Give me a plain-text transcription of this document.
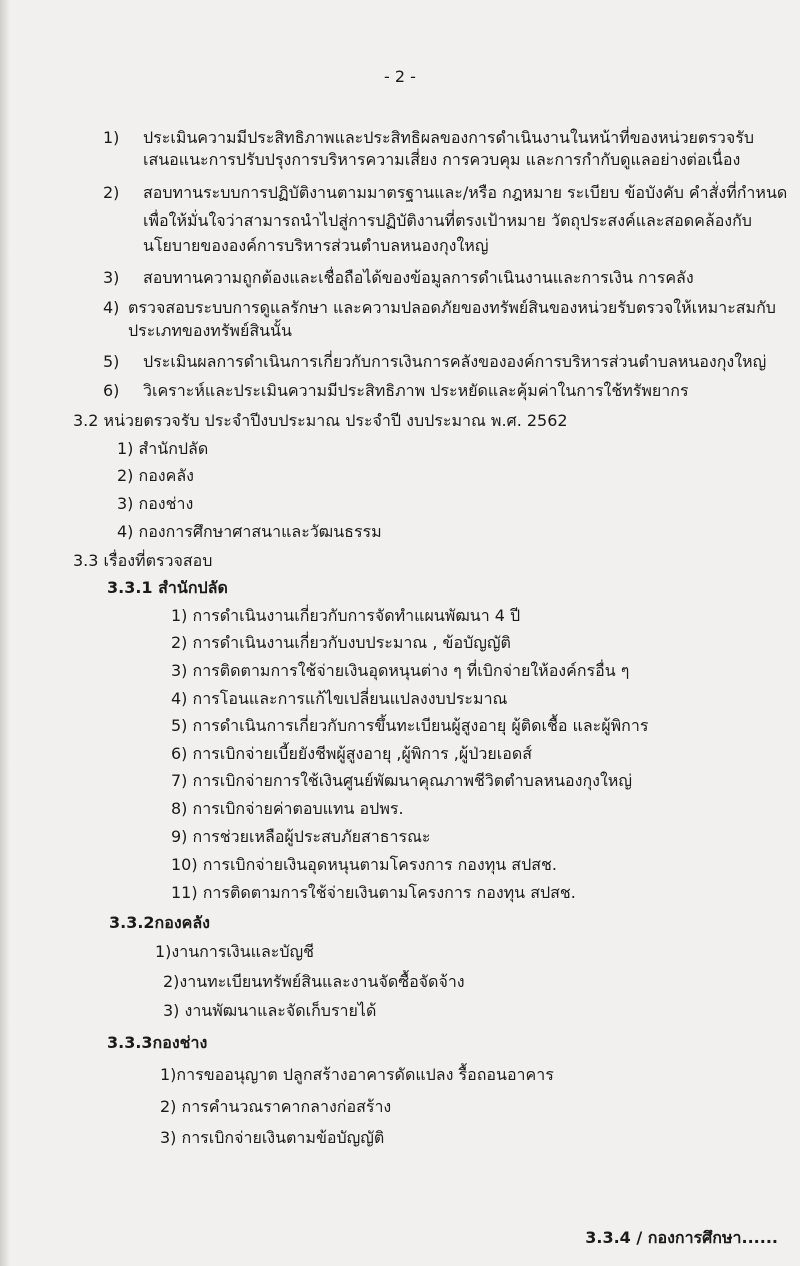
- 2 -
1) ประเมินความมีประสิทธิภาพและประสิทธิผลของการดำเนินงานในหน้าที่ของหน่วยตรวจรับ
เสนอแนะการปรับปรุงการบริหารความเสี่ยง การควบคุม และการกำกับดูแลอย่างต่อเนื่อง
2) สอบทานระบบการปฏิบัติงานตามมาตรฐานและ/หรือ กฎหมาย ระเบียบ ข้อบังคับ คำสั่งที่กำหนด
เพื่อให้มั่นใจว่าสามารถนำไปสู่การปฏิบัติงานที่ตรงเป้าหมาย วัตถุประสงค์และสอดคล้องกับ
นโยบายขององค์การบริหารส่วนตำบลหนองกุงใหญ่
3) สอบทานความถูกต้องและเชื่อถือได้ของข้อมูลการดำเนินงานและการเงิน การคลัง
4) ตรวจสอบระบบการดูแลรักษา และความปลอดภัยของทรัพย์สินของหน่วยรับตรวจให้เหมาะสมกับ
ประเภทของทรัพย์สินนั้น
5) ประเมินผลการดำเนินการเกี่ยวกับการเงินการคลังขององค์การบริหารส่วนตำบลหนองกุงใหญ่
6) วิเคราะห์และประเมินความมีประสิทธิภาพ ประหยัดและคุ้มค่าในการใช้ทรัพยากร
3.2 หน่วยตรวจรับ ประจำปีงบประมาณ ประจำปี งบประมาณ พ.ศ. 2562
1) สำนักปลัด
2) กองคลัง
3) กองช่าง
4) กองการศึกษาศาสนาและวัฒนธรรม
3.3 เรื่องที่ตรวจสอบ
3.3.1 สำนักปลัด
1) การดำเนินงานเกี่ยวกับการจัดทำแผนพัฒนา 4 ปี
2) การดำเนินงานเกี่ยวกับงบประมาณ , ข้อบัญญัติ
3) การติดตามการใช้จ่ายเงินอุดหนุนต่าง ๆ ที่เบิกจ่ายให้องค์กรอื่น ๆ
4) การโอนและการแก้ไขเปลี่ยนแปลงงบประมาณ
5) การดำเนินการเกี่ยวกับการขึ้นทะเบียนผู้สูงอายุ ผู้ติดเชื้อ และผู้พิการ
6) การเบิกจ่ายเบี้ยยังชีพผู้สูงอายุ ,ผู้พิการ ,ผู้ป่วยเอดส์
7) การเบิกจ่ายการใช้เงินศูนย์พัฒนาคุณภาพชีวิตตำบลหนองกุงใหญ่
8) การเบิกจ่ายค่าตอบแทน อปพร.
9) การช่วยเหลือผู้ประสบภัยสาธารณะ
10) การเบิกจ่ายเงินอุดหนุนตามโครงการ กองทุน สปสช.
11) การติดตามการใช้จ่ายเงินตามโครงการ กองทุน สปสช.
3.3.2กองคลัง
1)งานการเงินและบัญชี
2)งานทะเบียนทรัพย์สินและงานจัดซื้อจัดจ้าง
3) งานพัฒนาและจัดเก็บรายได้
3.3.3กองช่าง
1)การขออนุญาต ปลูกสร้างอาคารดัดแปลง รื้อถอนอาคาร
2) การคำนวณราคากลางก่อสร้าง
3) การเบิกจ่ายเงินตามข้อบัญญัติ
3.3.4 / กองการศึกษา......
